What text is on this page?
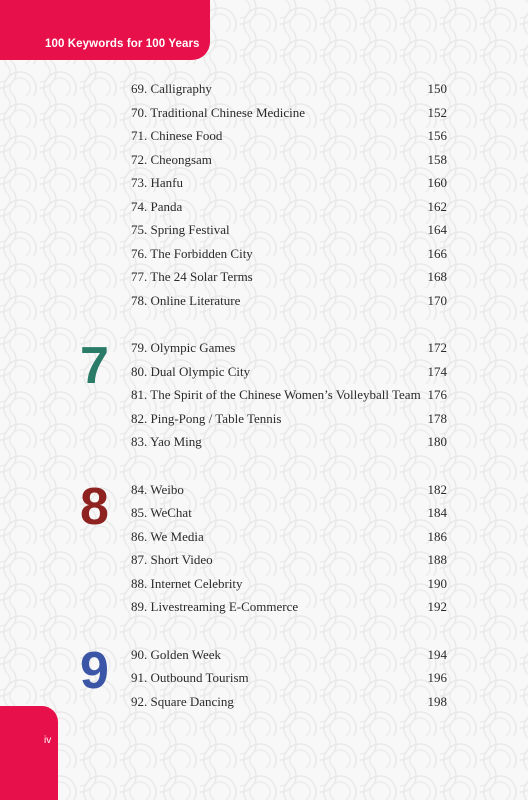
100 Keywords for 100 Years
7
8
9
69. Calligraphy	150
70. Traditional Chinese Medicine	152
71. Chinese Food	156
72. Cheongsam	158
73. Hanfu	160
74. Panda	162
75. Spring Festival	164
76. The Forbidden City	166
77. The 24 Solar Terms	168
78. Online Literature	170
79. Olympic Games	172
80. Dual Olympic City	174
81. The Spirit of the Chinese Women’s Volleyball Team 176
82. Ping-Pong / Table Tennis	178
83. Yao Ming	180
84. Weibo	182
85. WeChat	184
86. We Media	186
87. Short Video	188
88. Internet Celebrity	190
89. Livestreaming E-Commerce	192
90. Golden Week	194
91. Outbound Tourism	196
92. Square Dancing	198
iv
